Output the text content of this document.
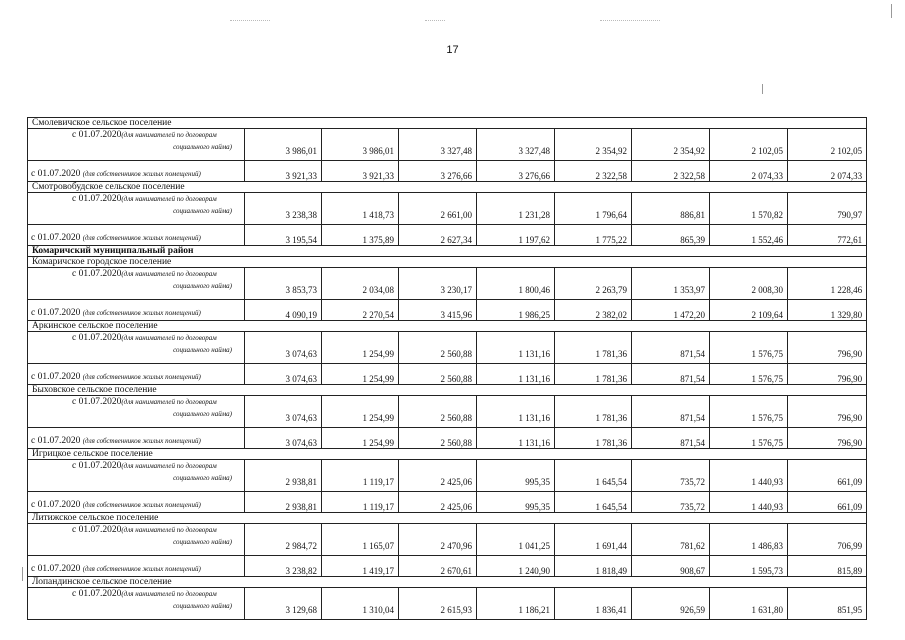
17
Смолевичское сельское поселение								

с 01.07.2020(для нанимателей по договорам
социального найма)	3 986,01	3 986,01	3 327,48	3 327,48	2 354,92	2 354,92	2 102,05	2 102,05

с 01.07.2020 (для собственников жилых помещений)	3 921,33	3 921,33	3 276,66	3 276,66	2 322,58	2 322,58	2 074,33	2 074,33
Смотровобудское сельское поселение								

с 01.07.2020(для нанимателей по договорам
социального найма)	3 238,38	1 418,73	2 661,00	1 231,28	1 796,64	886,81	1 570,82	790,97

с 01.07.2020 (для собственников жилых помещений)	3 195,54	1 375,89	2 627,34	1 197,62	1 775,22	865,39	1 552,46	772,61
Комаричский муниципальный район								
Комаричское городское поселение								

с 01.07.2020(для нанимателей по договорам
социального найма)	3 853,73	2 034,08	3 230,17	1 800,46	2 263,79	1 353,97	2 008,30	1 228,46

с 01.07.2020 (для собственников жилых помещений)	4 090,19	2 270,54	3 415,96	1 986,25	2 382,02	1 472,20	2 109,64	1 329,80
Аркинское сельское поселение								

с 01.07.2020(для нанимателей по договорам
социального найма)	3 074,63	1 254,99	2 560,88	1 131,16	1 781,36	871,54	1 576,75	796,90

с 01.07.2020 (для собственников жилых помещений)	3 074,63	1 254,99	2 560,88	1 131,16	1 781,36	871,54	1 576,75	796,90
Быховское сельское поселение								

с 01.07.2020(для нанимателей по договорам
социального найма)	3 074,63	1 254,99	2 560,88	1 131,16	1 781,36	871,54	1 576,75	796,90

с 01.07.2020 (для собственников жилых помещений)	3 074,63	1 254,99	2 560,88	1 131,16	1 781,36	871,54	1 576,75	796,90
Игрицкое сельское поселение								

с 01.07.2020(для нанимателей по договорам
социального найма)	2 938,81	1 119,17	2 425,06	995,35	1 645,54	735,72	1 440,93	661,09

с 01.07.2020 (для собственников жилых помещений)	2 938,81	1 119,17	2 425,06	995,35	1 645,54	735,72	1 440,93	661,09
Литижское сельское поселение								

с 01.07.2020(для нанимателей по договорам
социального найма)	2 984,72	1 165,07	2 470,96	1 041,25	1 691,44	781,62	1 486,83	706,99

с 01.07.2020 (для собственников жилых помещений)	3 238,82	1 419,17	2 670,61	1 240,90	1 818,49	908,67	1 595,73	815,89
Лопандинское сельское поселение								

с 01.07.2020(для нанимателей по договорам
социального найма)	3 129,68	1 310,04	2 615,93	1 186,21	1 836,41	926,59	1 631,80	851,95
